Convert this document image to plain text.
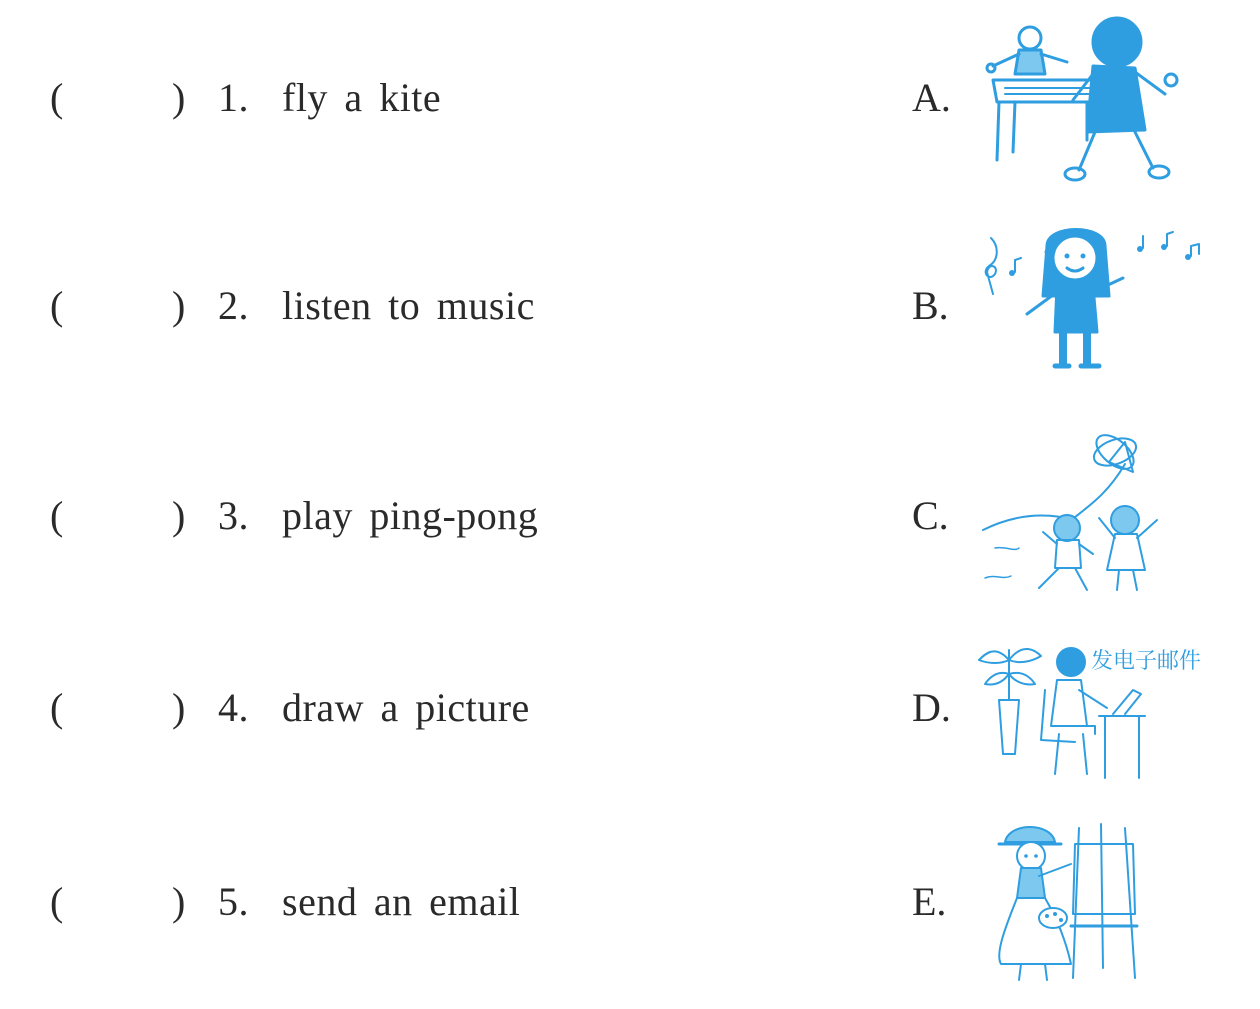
(	) 1. fly a kite	A.
(	) 2. listen to music	B.
(	) 3. play ping-pong	C.
(	) 4. draw a picture	D.
发电子邮件
(	) 5. send an email	E.
